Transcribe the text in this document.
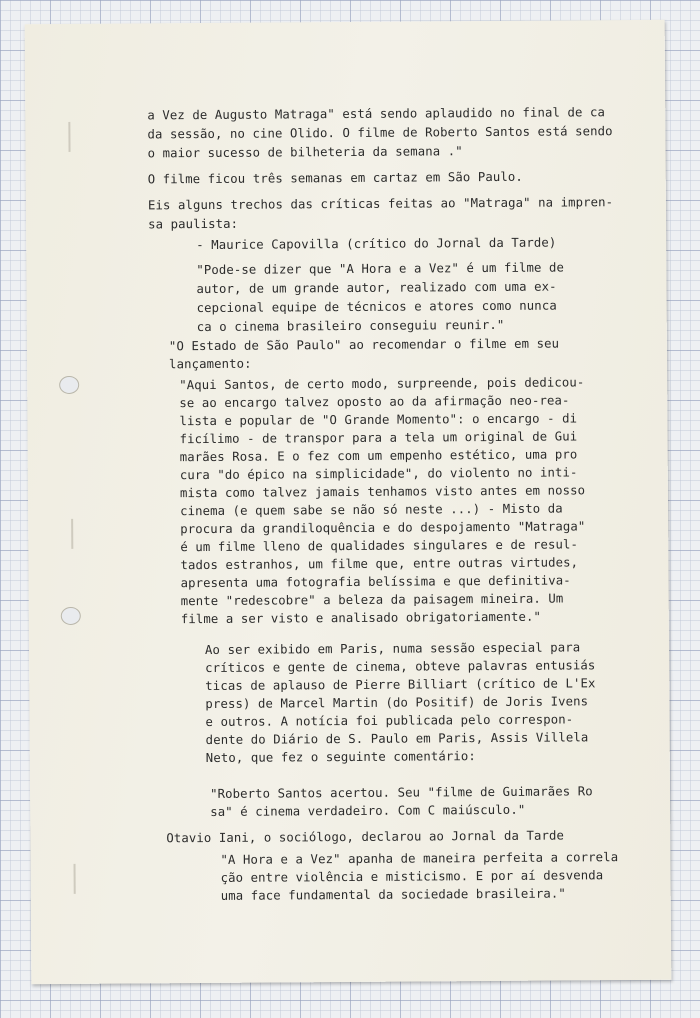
a Vez de Augusto Matraga" está sendo aplaudido no final de ca
da sessão, no cine Olido. O filme de Roberto Santos está sendo
o maior sucesso de bilheteria da semana ."
O filme ficou três semanas em cartaz em São Paulo.
Eis alguns trechos das críticas feitas ao "Matraga" na impren-
sa paulista:
- Maurice Capovilla (crítico do Jornal da Tarde)
"Pode-se dizer que "A Hora e a Vez" é um filme de
autor, de um grande autor, realizado com uma ex-
cepcional equipe de técnicos e atores como nunca
ca o cinema brasileiro conseguiu reunir."
"O Estado de São Paulo" ao recomendar o filme em seu
lançamento:
"Aqui Santos, de certo modo, surpreende, pois dedicou-
se ao encargo talvez oposto ao da afirmação neo-rea-
lista e popular de "O Grande Momento": o encargo - di
ficílimo - de transpor para a tela um original de Gui
marães Rosa. E o fez com um empenho estético, uma pro
cura "do épico na simplicidade", do violento no inti-
mista como talvez jamais tenhamos visto antes em nosso
cinema (e quem sabe se não só neste ...) - Misto da
procura da grandiloquência e do despojamento "Matraga"
é um filme lleno de qualidades singulares e de resul-
tados estranhos, um filme que, entre outras virtudes,
apresenta uma fotografia belíssima e que definitiva-
mente "redescobre" a beleza da paisagem mineira. Um
filme a ser visto e analisado obrigatoriamente."
Ao ser exibido em Paris, numa sessão especial para
críticos e gente de cinema, obteve palavras entusiás
ticas de aplauso de Pierre Billiart (crítico de L'Ex
press) de Marcel Martin (do Positif) de Joris Ivens
e outros. A notícia foi publicada pelo correspon-
dente do Diário de S. Paulo em Paris, Assis Villela
Neto, que fez o seguinte comentário:
"Roberto Santos acertou. Seu "filme de Guimarães Ro
sa" é cinema verdadeiro. Com C maiúsculo."
Otavio Iani, o sociólogo, declarou ao Jornal da Tarde
"A Hora e a Vez" apanha de maneira perfeita a correla
ção entre violência e misticismo. E por aí desvenda
uma face fundamental da sociedade brasileira."
